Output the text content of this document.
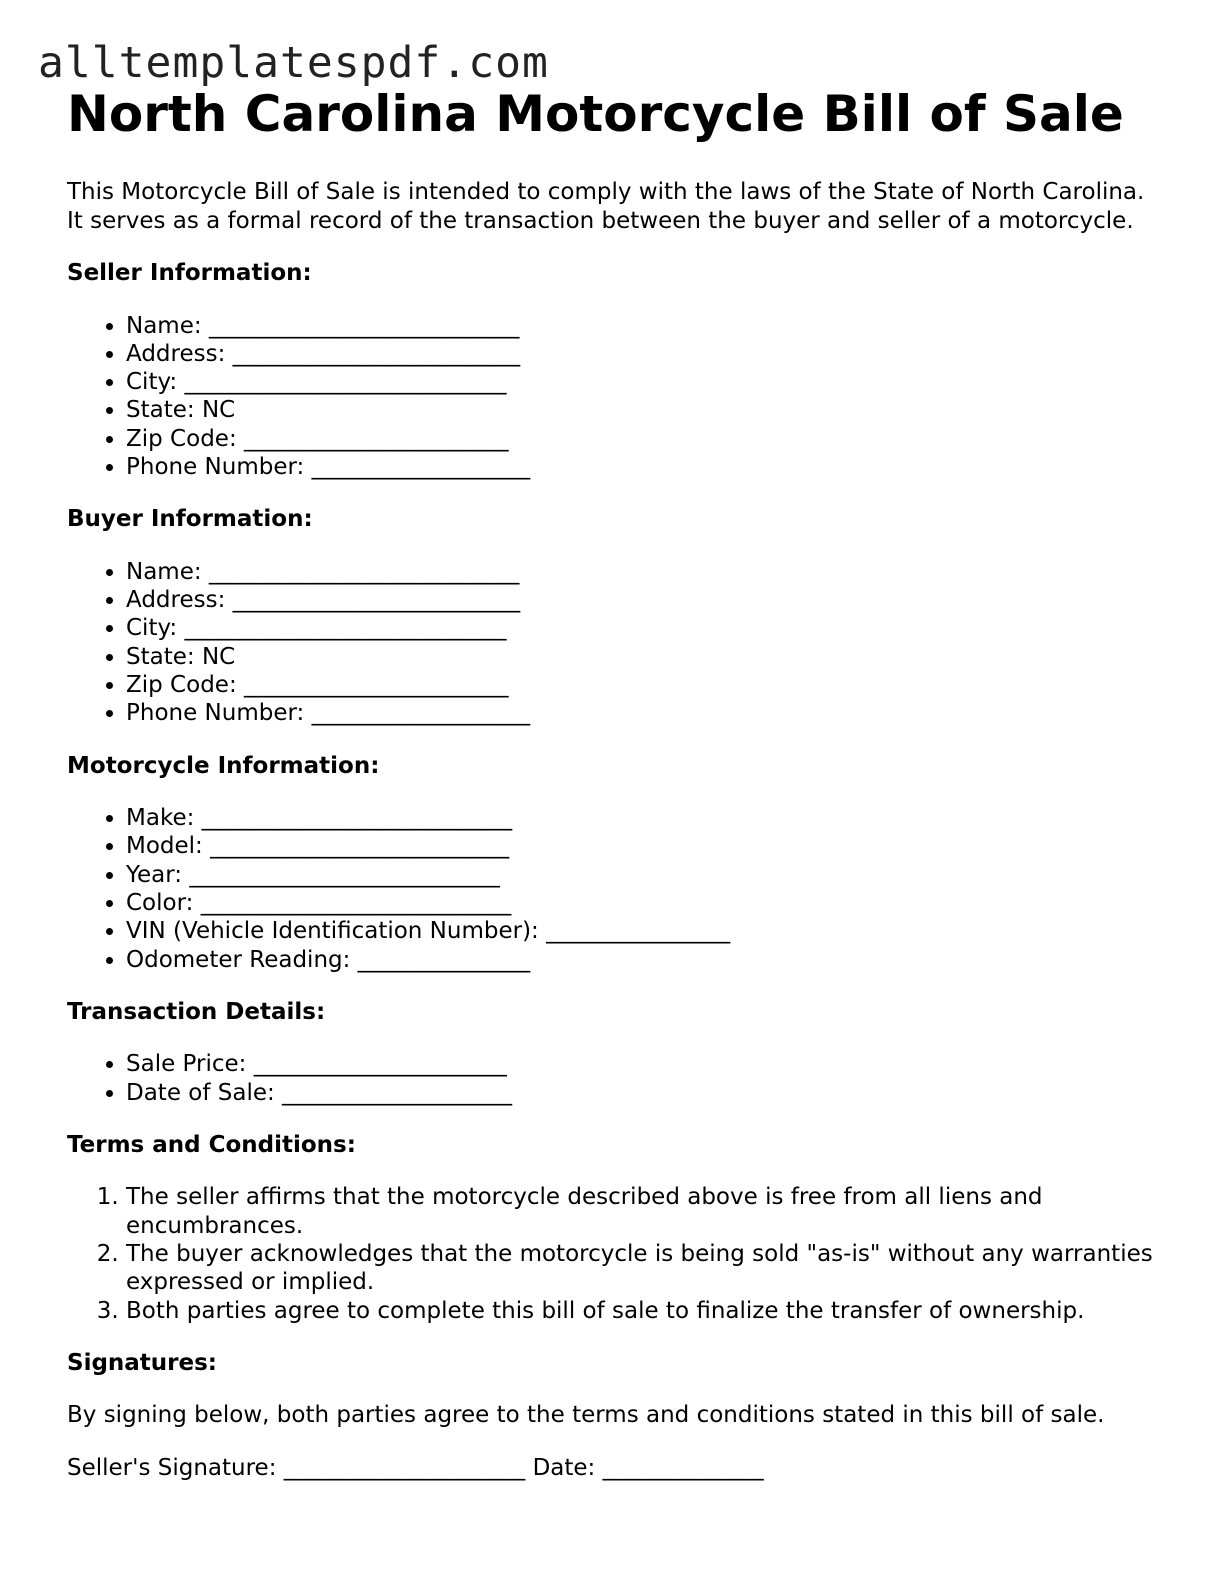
alltemplatespdf.com
North Carolina Motorcycle Bill of Sale

This Motorcycle Bill of Sale is intended to comply with the laws of the State of North Carolina. It serves as a formal record of the transaction between the buyer and seller of a motorcycle.

Seller Information:
• Name: ___________________________
• Address: _________________________
• City: ____________________________
• State: NC
• Zip Code: _______________________
• Phone Number: ___________________
Buyer Information:
• Name: ___________________________
• Address: _________________________
• City: ____________________________
• State: NC
• Zip Code: _______________________
• Phone Number: ___________________
Motorcycle Information:
• Make: ___________________________
• Model: __________________________
• Year: ___________________________
• Color: ___________________________
• VIN (Vehicle Identification Number): ________________
• Odometer Reading: _______________
Transaction Details:
• Sale Price: ______________________
• Date of Sale: ____________________
Terms and Conditions:
1. The seller affirms that the motorcycle described above is free from all liens and encumbrances.
2. The buyer acknowledges that the motorcycle is being sold "as-is" without any warranties expressed or implied.
3. Both parties agree to complete this bill of sale to finalize the transfer of ownership.
Signatures:

By signing below, both parties agree to the terms and conditions stated in this bill of sale.

Seller's Signature: _____________________ Date: ______________
